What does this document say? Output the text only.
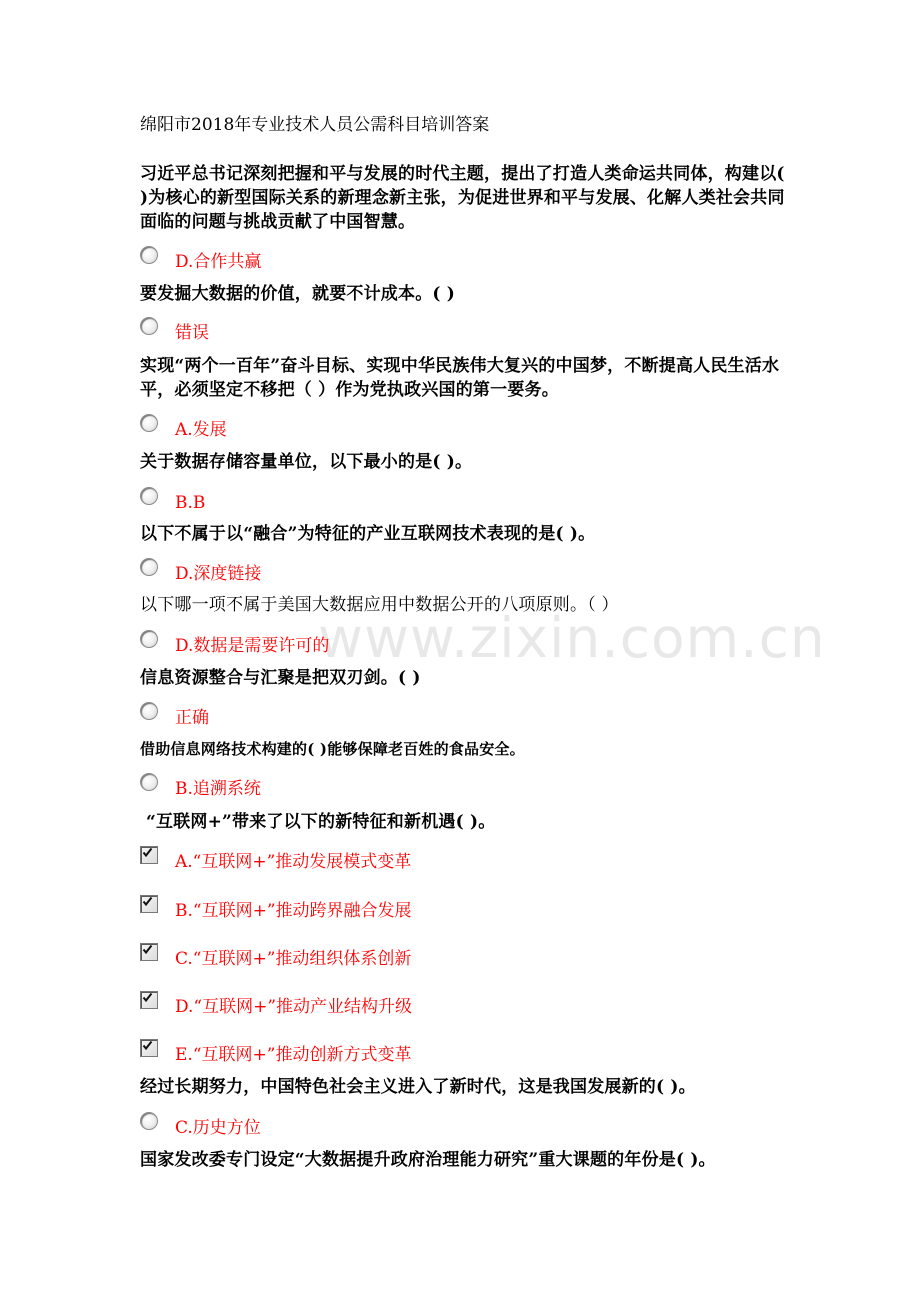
绵阳市2018年专业技术人员公需科目培训答案
www.zixin.com.cn
习近平总书记深刻把握和平与发展的时代主题，提出了打造人类命运共同体，构建以( )为核心的新型国际关系的新理念新主张，为促进世界和平与发展、化解人类社会共同面临的问题与挑战贡献了中国智慧。
D.合作共赢
要发掘大数据的价值，就要不计成本。( )
错误
实现“两个一百年”奋斗目标、实现中华民族伟大复兴的中国梦，不断提高人民生活水平，必须坚定不移把（ ）作为党执政兴国的第一要务。
A.发展
关于数据存储容量单位，以下最小的是( )。
B.B
以下不属于以“融合”为特征的产业互联网技术表现的是( )。
D.深度链接
以下哪一项不属于美国大数据应用中数据公开的八项原则。（ ）
D.数据是需要许可的
信息资源整合与汇聚是把双刃剑。( )
正确
借助信息网络技术构建的( )能够保障老百姓的食品安全。
B.追溯系统
“互联网+”带来了以下的新特征和新机遇( )。
A.“互联网+”推动发展模式变革
B.“互联网+”推动跨界融合发展
C.“互联网+”推动组织体系创新
D.“互联网+”推动产业结构升级
E.“互联网+”推动创新方式变革
经过长期努力，中国特色社会主义进入了新时代，这是我国发展新的( )。
C.历史方位
国家发改委专门设定“大数据提升政府治理能力研究”重大课题的年份是( )。
